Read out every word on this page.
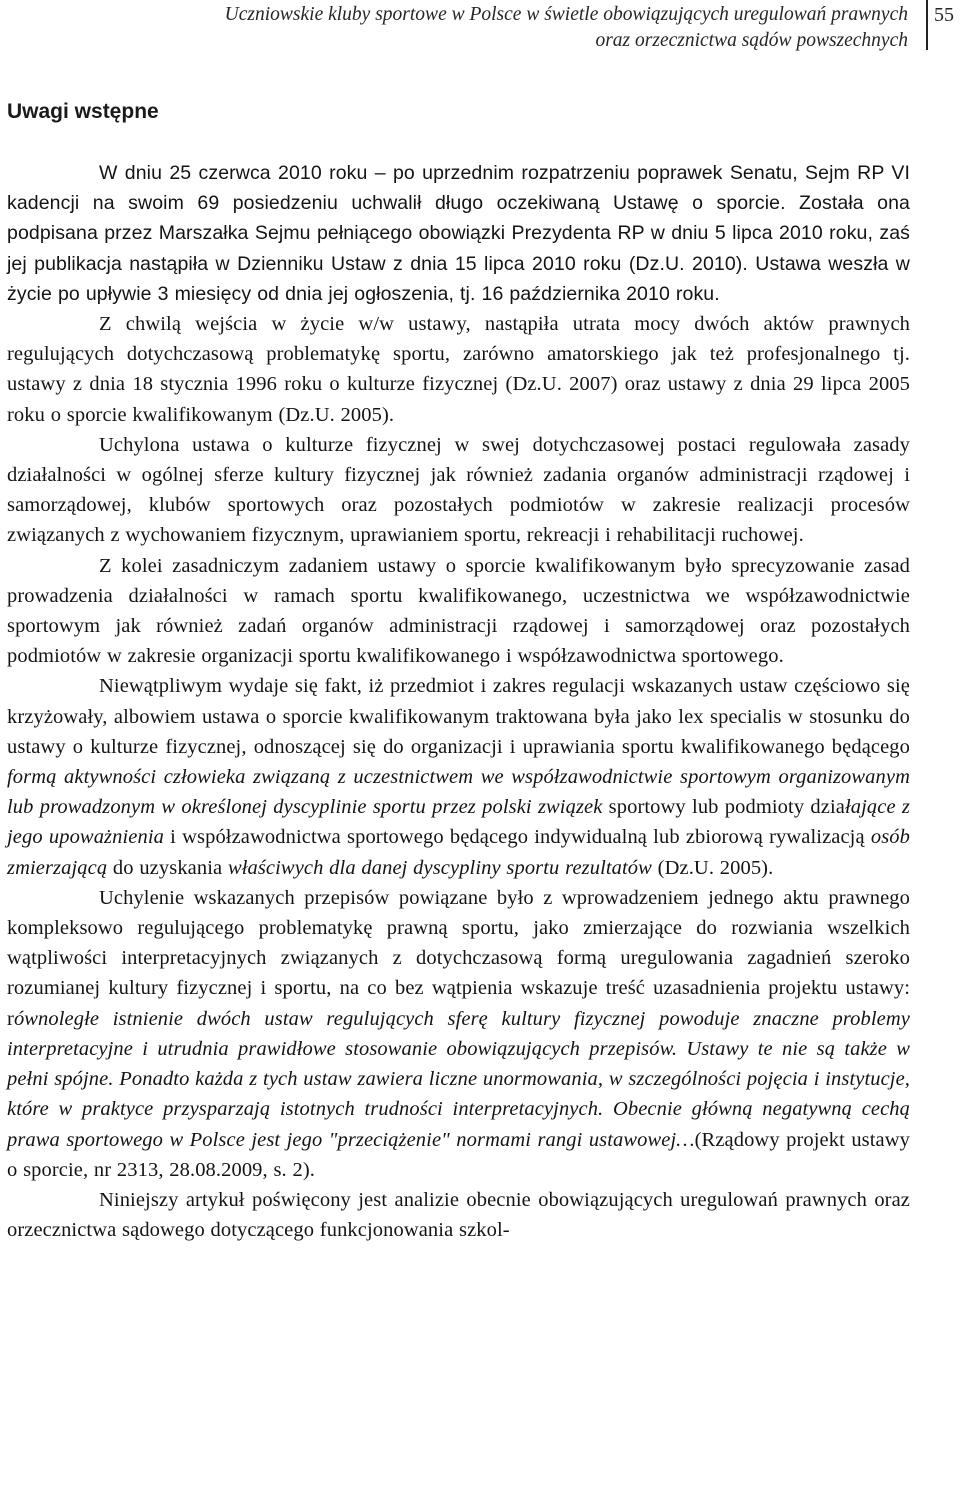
Uczniowskie kluby sportowe w Polsce w świetle obowiązujących uregulowań prawnych
oraz orzecznictwa sądów powszechnych
55
Uwagi wstępne

W dniu 25 czerwca 2010 roku – po uprzednim rozpatrzeniu poprawek Senatu, Sejm RP VI kadencji na swoim 69 posiedzeniu uchwalił długo oczekiwaną Ustawę o sporcie. Została ona podpisana przez Marszałka Sejmu pełniącego obowiązki Prezydenta RP w dniu 5 lipca 2010 roku, zaś jej publikacja nastąpiła w Dzienniku Ustaw z dnia 15 lipca 2010 roku (Dz.U. 2010). Ustawa weszła w życie po upływie 3 miesięcy od dnia jej ogłoszenia, tj. 16 października 2010 roku.

Z chwilą wejścia w życie w/w ustawy, nastąpiła utrata mocy dwóch aktów prawnych regulujących dotychczasową problematykę sportu, zarówno amatorskiego jak też profesjonalnego tj. ustawy z dnia 18 stycznia 1996 roku o kulturze fizycznej (Dz.U. 2007) oraz ustawy z dnia 29 lipca 2005 roku o sporcie kwalifikowanym (Dz.U. 2005).

Uchylona ustawa o kulturze fizycznej w swej dotychczasowej postaci regulowała zasady działalności w ogólnej sferze kultury fizycznej jak również zadania organów administracji rządowej i samorządowej, klubów sportowych oraz pozostałych podmiotów w zakresie realizacji procesów związanych z wychowaniem fizycznym, uprawianiem sportu, rekreacji i rehabilitacji ruchowej.

Z kolei zasadniczym zadaniem ustawy o sporcie kwalifikowanym było sprecyzowanie zasad prowadzenia działalności w ramach sportu kwalifikowanego, uczestnictwa we współzawodnictwie sportowym jak również zadań organów administracji rządowej i samorządowej oraz pozostałych podmiotów w zakresie organizacji sportu kwalifikowanego i współzawodnictwa sportowego.

Niewątpliwym wydaje się fakt, iż przedmiot i zakres regulacji wskazanych ustaw częściowo się krzyżowały, albowiem ustawa o sporcie kwalifikowanym traktowana była jako lex specialis w stosunku do ustawy o kulturze fizycznej, odnoszącej się do organizacji i uprawiania sportu kwalifikowanego będącego formą aktywności człowieka związaną z uczestnictwem we współzawodnictwie sportowym organizowanym lub prowadzonym w określonej dyscyplinie sportu przez polski związek sportowy lub podmioty działające z jego upoważnienia i współzawodnictwa sportowego będącego indywidualną lub zbiorową rywalizacją osób zmierzającą do uzyskania właściwych dla danej dyscypliny sportu rezultatów (Dz.U. 2005).

Uchylenie wskazanych przepisów powiązane było z wprowadzeniem jednego aktu prawnego kompleksowo regulującego problematykę prawną sportu, jako zmierzające do rozwiania wszelkich wątpliwości interpretacyjnych związanych z dotychczasową formą uregulowania zagadnień szeroko rozumianej kultury fizycznej i sportu, na co bez wątpienia wskazuje treść uzasadnienia projektu ustawy: równoległe istnienie dwóch ustaw regulujących sferę kultury fizycznej powoduje znaczne problemy interpretacyjne i utrudnia prawidłowe stosowanie obowiązujących przepisów. Ustawy te nie są także w pełni spójne. Ponadto każda z tych ustaw zawiera liczne unormowania, w szczególności pojęcia i instytucje, które w praktyce przysparzają istotnych trudności interpretacyjnych. Obecnie główną negatywną cechą prawa sportowego w Polsce jest jego "przeciążenie" normami rangi ustawowej…(Rządowy projekt ustawy o sporcie, nr 2313, 28.08.2009, s. 2).

Niniejszy artykuł poświęcony jest analizie obecnie obowiązujących uregulowań prawnych oraz orzecznictwa sądowego dotyczącego funkcjonowania szkol-
